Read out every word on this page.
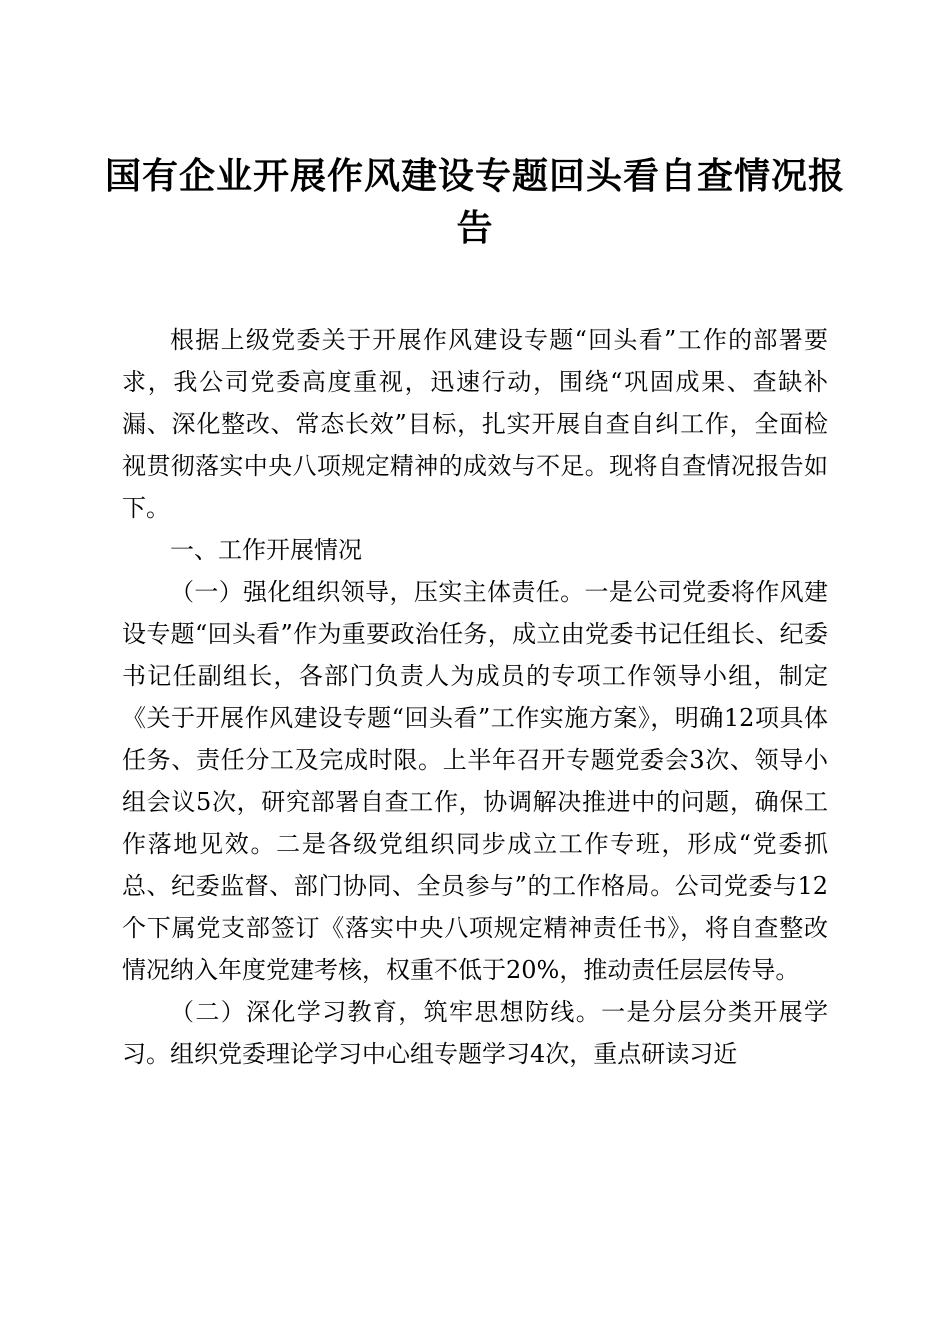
国有企业开展作风建设专题回头看自查情况报告

根据上级党委关于开展作风建设专题“回头看”工作的部署要求，我公司党委高度重视，迅速行动，围绕“巩固成果、查缺补漏、深化整改、常态长效”目标，扎实开展自查自纠工作，全面检视贯彻落实中央八项规定精神的成效与不足。现将自查情况报告如下。

一、工作开展情况

（一）强化组织领导，压实主体责任。一是公司党委将作风建设专题“回头看”作为重要政治任务，成立由党委书记任组长、纪委书记任副组长，各部门负责人为成员的专项工作领导小组，制定《关于开展作风建设专题“回头看”工作实施方案》，明确12项具体任务、责任分工及完成时限。上半年召开专题党委会3次、领导小组会议5次，研究部署自查工作，协调解决推进中的问题，确保工作落地见效。二是各级党组织同步成立工作专班，形成“党委抓总、纪委监督、部门协同、全员参与”的工作格局。公司党委与12个下属党支部签订《落实中央八项规定精神责任书》，将自查整改情况纳入年度党建考核，权重不低于20%，推动责任层层传导。

（二）深化学习教育，筑牢思想防线。一是分层分类开展学习。组织党委理论学习中心组专题学习4次，重点研读习近
